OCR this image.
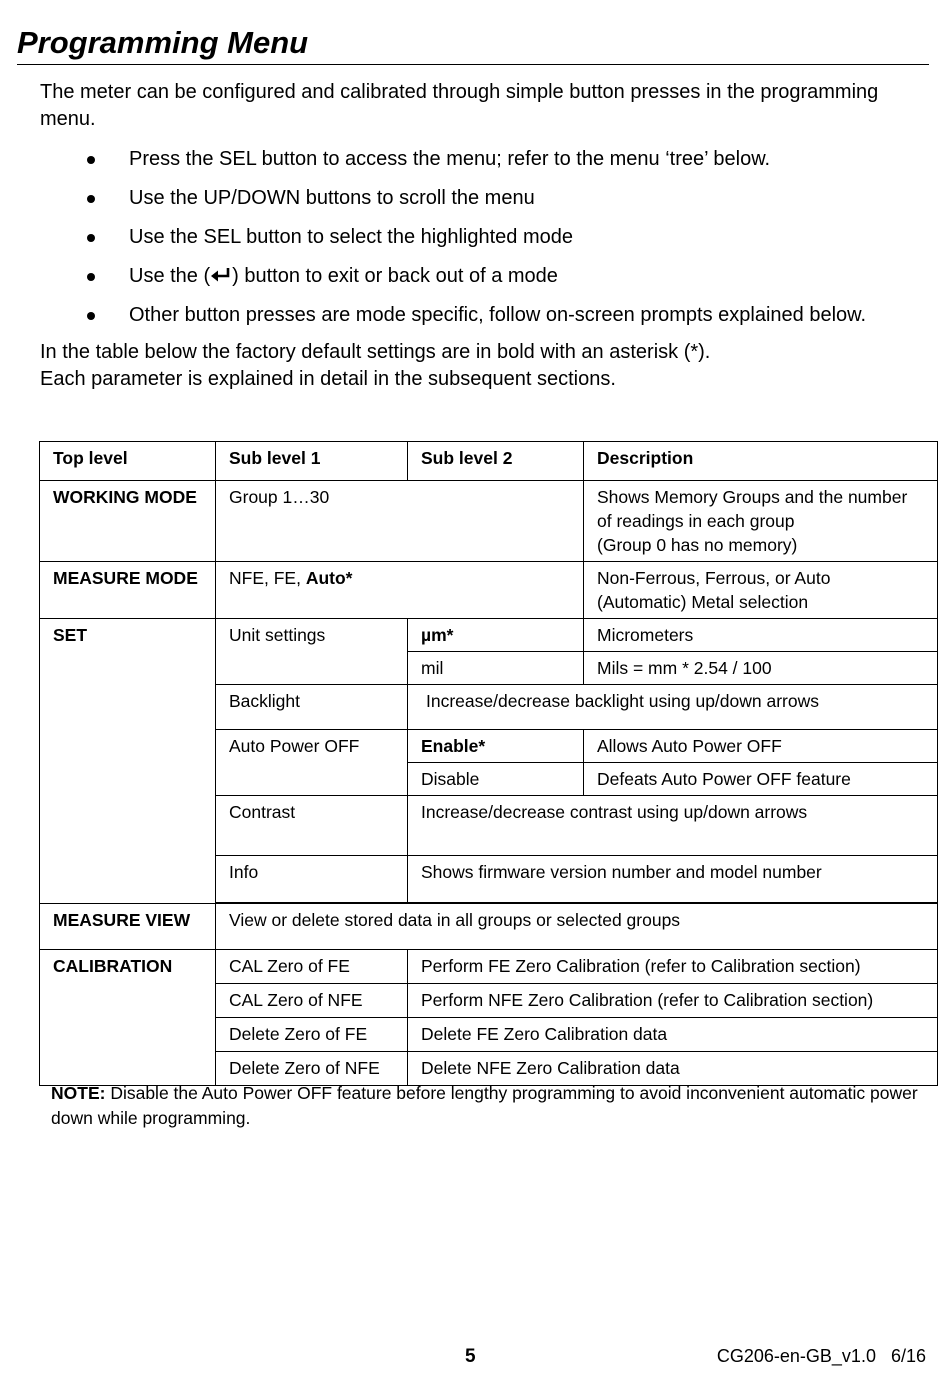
Programming Menu
The meter can be configured and calibrated through simple button presses in the programming menu.
Press the SEL button to access the menu; refer to the menu ‘tree’ below.
Use the UP/DOWN buttons to scroll the menu
Use the SEL button to select the highlighted mode
Use the ( ) button to exit or back out of a mode
Other button presses are mode specific, follow on-screen prompts explained below.
In the table below the factory default settings are in bold with an asterisk (*).
Each parameter is explained in detail in the subsequent sections.
Top level	Sub level 1	Sub level 2	Description
WORKING MODE	Group 1…30		Shows Memory Groups and the number
of readings in each group
(Group 0 has no memory)

MEASURE MODE	NFE, FE, Auto*		Non-Ferrous, Ferrous, or Auto
(Automatic) Metal selection

SET	Unit settings	µm*	Micrometers
		mil	Mils = mm * 2.54 / 100
	Backlight	Increase/decrease backlight using up/down arrows	
	Auto Power OFF	Enable*	Allows Auto Power OFF
		Disable	Defeats Auto Power OFF feature
	Contrast	Increase/decrease contrast using up/down arrows	
	Info	Shows firmware version number and model number	

MEASURE VIEW	View or delete stored data in all groups or selected groups		
CALIBRATION	CAL Zero of FE	Perform FE Zero Calibration (refer to Calibration section)	
	CAL Zero of NFE	Perform NFE Zero Calibration (refer to Calibration section)	
	Delete Zero of FE	Delete FE Zero Calibration data	
	Delete Zero of NFE	Delete NFE Zero Calibration data	
NOTE: Disable the Auto Power OFF feature before lengthy programming to avoid inconvenient automatic power down while programming.
5	CG206-en-GB_v1.0   6/16
